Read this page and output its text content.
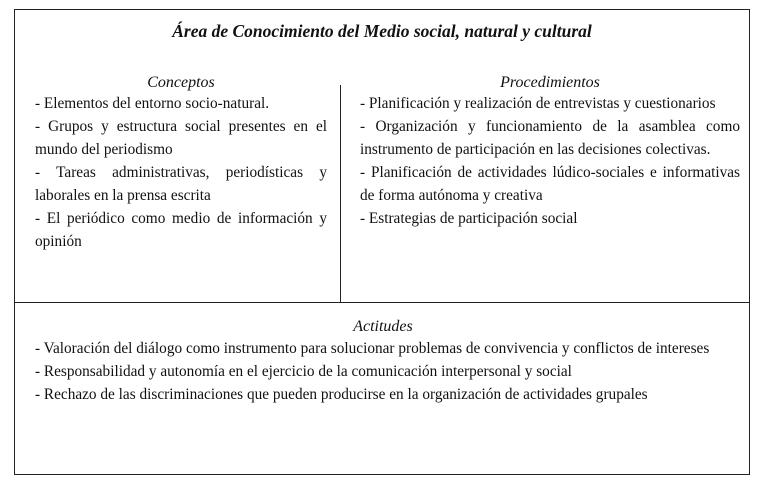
Área de Conocimiento del Medio social, natural y cultural
Conceptos
- Elementos del entorno socio-natural.
- Grupos y estructura social presentes en el mundo del periodismo
- Tareas administrativas, periodísticas y laborales en la prensa escrita
- El periódico como medio de información y opinión
Procedimientos
- Planificación y realización de entrevistas y cuestionarios
- Organización y funcionamiento de la asamblea como instrumento de participación en las decisiones colectivas.
- Planificación de actividades lúdico-sociales e informativas de forma autónoma y creativa
- Estrategias de participación social
Actitudes
- Valoración del diálogo como instrumento para solucionar problemas de convivencia y conflictos de intereses
- Responsabilidad y autonomía en el ejercicio de la comunicación interpersonal y social
- Rechazo de las discriminaciones que pueden producirse en la organización de actividades grupales
